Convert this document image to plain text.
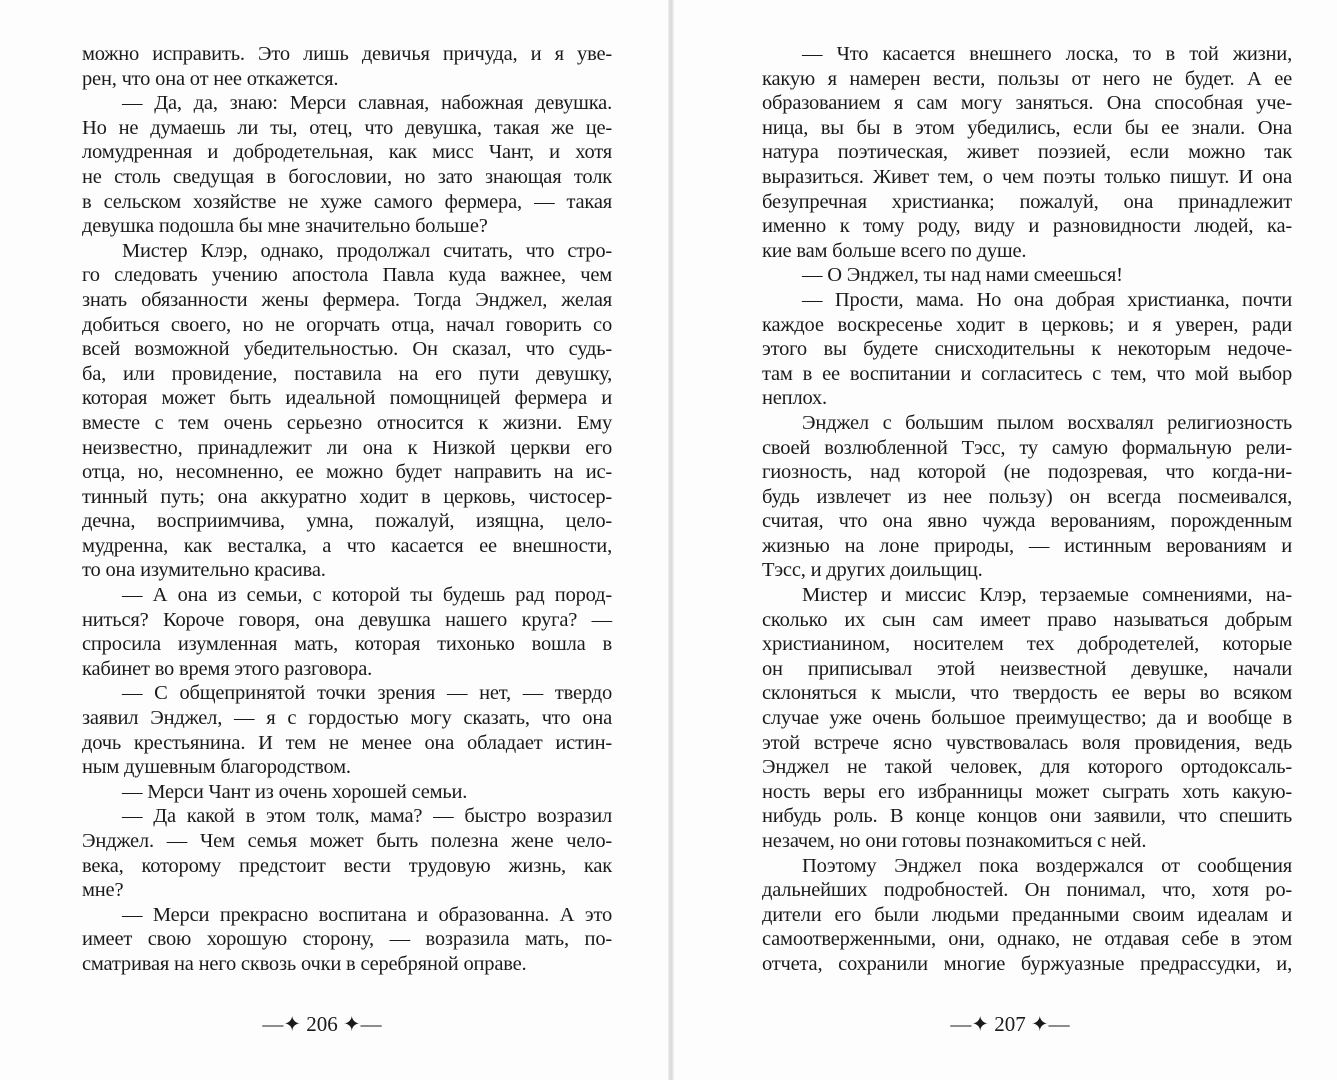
можно исправить. Это лишь девичья причуда, и я уве-
рен, что она от нее откажется.
— Да, да, знаю: Мерси славная, набожная девушка.
Но не думаешь ли ты, отец, что девушка, такая же це-
ломудренная и добродетельная, как мисс Чант, и хотя
не столь сведущая в богословии, но зато знающая толк
в сельском хозяйстве не хуже самого фермера, — такая
девушка подошла бы мне значительно больше?
Мистер Клэр, однако, продолжал считать, что стро-
го следовать учению апостола Павла куда важнее, чем
знать обязанности жены фермера. Тогда Энджел, желая
добиться своего, но не огорчать отца, начал говорить со
всей возможной убедительностью. Он сказал, что судь-
ба, или провидение, поставила на его пути девушку,
которая может быть идеальной помощницей фермера и
вместе с тем очень серьезно относится к жизни. Ему
неизвестно, принадлежит ли она к Низкой церкви его
отца, но, несомненно, ее можно будет направить на ис-
тинный путь; она аккуратно ходит в церковь, чистосер-
дечна, восприимчива, умна, пожалуй, изящна, цело-
мудренна, как весталка, а что касается ее внешности,
то она изумительно красива.
— А она из семьи, с которой ты будешь рад пород-
ниться? Короче говоря, она девушка нашего круга? —
спросила изумленная мать, которая тихонько вошла в
кабинет во время этого разговора.
— С общепринятой точки зрения — нет, — твердо
заявил Энджел, — я с гордостью могу сказать, что она
дочь крестьянина. И тем не менее она обладает истин-
ным душевным благородством.
— Мерси Чант из очень хорошей семьи.
— Да какой в этом толк, мама? — быстро возразил
Энджел. — Чем семья может быть полезна жене чело-
века, которому предстоит вести трудовую жизнь, как
мне?
— Мерси прекрасно воспитана и образованна. А это
имеет свою хорошую сторону, — возразила мать, по-
сматривая на него сквозь очки в серебряной оправе.
— Что касается внешнего лоска, то в той жизни,
какую я намерен вести, пользы от него не будет. А ее
образованием я сам могу заняться. Она способная уче-
ница, вы бы в этом убедились, если бы ее знали. Она
натура поэтическая, живет поэзией, если можно так
выразиться. Живет тем, о чем поэты только пишут. И она
безупречная христианка; пожалуй, она принадлежит
именно к тому роду, виду и разновидности людей, ка-
кие вам больше всего по душе.
— О Энджел, ты над нами смеешься!
— Прости, мама. Но она добрая христианка, почти
каждое воскресенье ходит в церковь; и я уверен, ради
этого вы будете снисходительны к некоторым недоче-
там в ее воспитании и согласитесь с тем, что мой выбор
неплох.
Энджел с большим пылом восхвалял религиозность
своей возлюбленной Тэсс, ту самую формальную рели-
гиозность, над которой (не подозревая, что когда-ни-
будь извлечет из нее пользу) он всегда посмеивался,
считая, что она явно чужда верованиям, порожденным
жизнью на лоне природы, — истинным верованиям и
Тэсс, и других доильщиц.
Мистер и миссис Клэр, терзаемые сомнениями, на-
сколько их сын сам имеет право называться добрым
христианином, носителем тех добродетелей, которые
он приписывал этой неизвестной девушке, начали
склоняться к мысли, что твердость ее веры во всяком
случае уже очень большое преимущество; да и вообще в
этой встрече ясно чувствовалась воля провидения, ведь
Энджел не такой человек, для которого ортодоксаль-
ность веры его избранницы может сыграть хоть какую-
нибудь роль. В конце концов они заявили, что спешить
незачем, но они готовы познакомиться с ней.
Поэтому Энджел пока воздержался от сообщения
дальнейших подробностей. Он понимал, что, хотя ро-
дители его были людьми преданными своим идеалам и
самоотверженными, они, однако, не отдавая себе в этом
отчета, сохранили многие буржуазные предрассудки, и,
—✦ 206 ✦—	—✦ 207 ✦—
